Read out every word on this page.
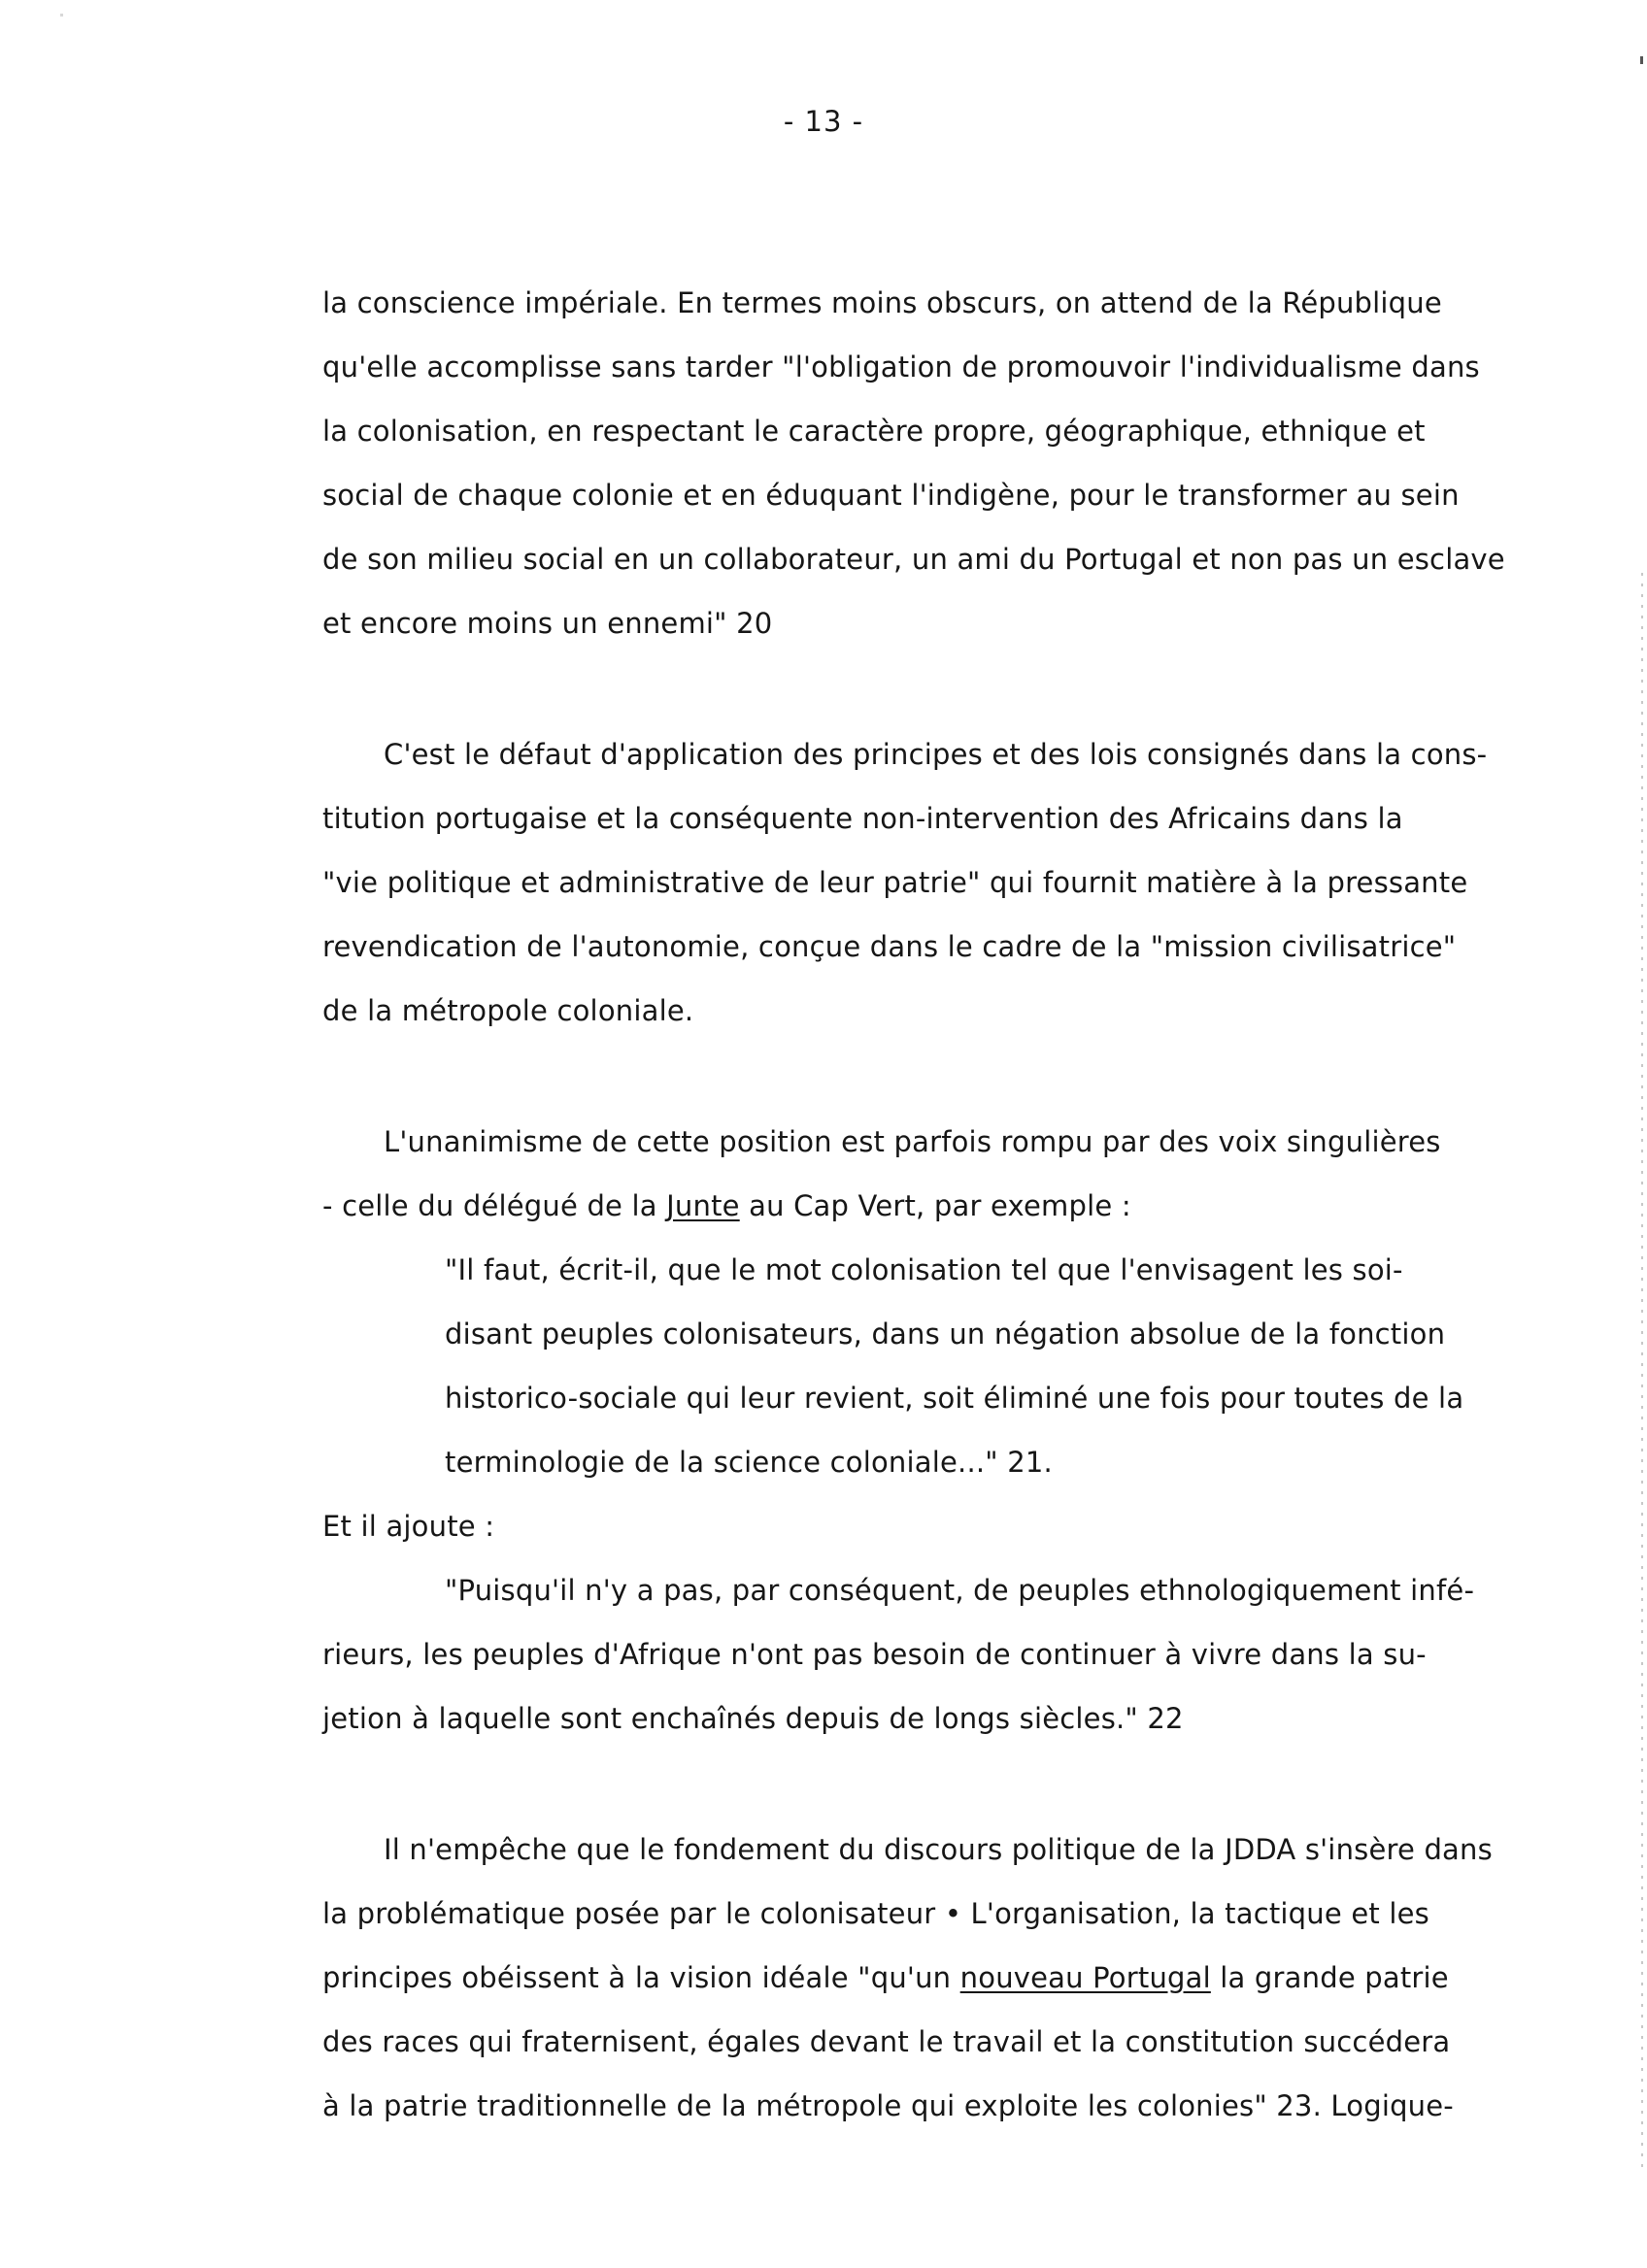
- 13 -
la conscience impériale. En termes moins obscurs, on attend de la République
qu'elle accomplisse sans tarder "l'obligation de promouvoir l'individualisme dans
la colonisation, en respectant le caractère propre, géographique, ethnique et
social de chaque colonie et en éduquant l'indigène, pour le transformer au sein
de son milieu social en un collaborateur, un ami du Portugal et non pas un esclave
et encore moins un ennemi" 20
C'est le défaut d'application des principes et des lois consignés dans la cons-
titution portugaise et la conséquente non-intervention des Africains dans la
"vie politique et administrative de leur patrie" qui fournit matière à la pressante
revendication de l'autonomie, conçue dans le cadre de la "mission civilisatrice"
de la métropole coloniale.
L'unanimisme de cette position est parfois rompu par des voix singulières
- celle du délégué de la Junte au Cap Vert, par exemple :
"Il faut, écrit-il, que le mot colonisation tel que l'envisagent les soi-
disant peuples colonisateurs, dans un négation absolue de la fonction
historico-sociale qui leur revient, soit éliminé une fois pour toutes de la
terminologie de la science coloniale..." 21.
Et il ajoute :
"Puisqu'il n'y a pas, par conséquent, de peuples ethnologiquement infé-
rieurs, les peuples d'Afrique n'ont pas besoin de continuer à vivre dans la su-
jetion à laquelle sont enchaînés depuis de longs siècles." 22
Il n'empêche que le fondement du discours politique de la JDDA s'insère dans
la problématique posée par le colonisateur • L'organisation, la tactique et les
principes obéissent à la vision idéale "qu'un nouveau Portugal la grande patrie
des races qui fraternisent, égales devant le travail et la constitution succédera
à la patrie traditionnelle de la métropole qui exploite les colonies" 23. Logique-
